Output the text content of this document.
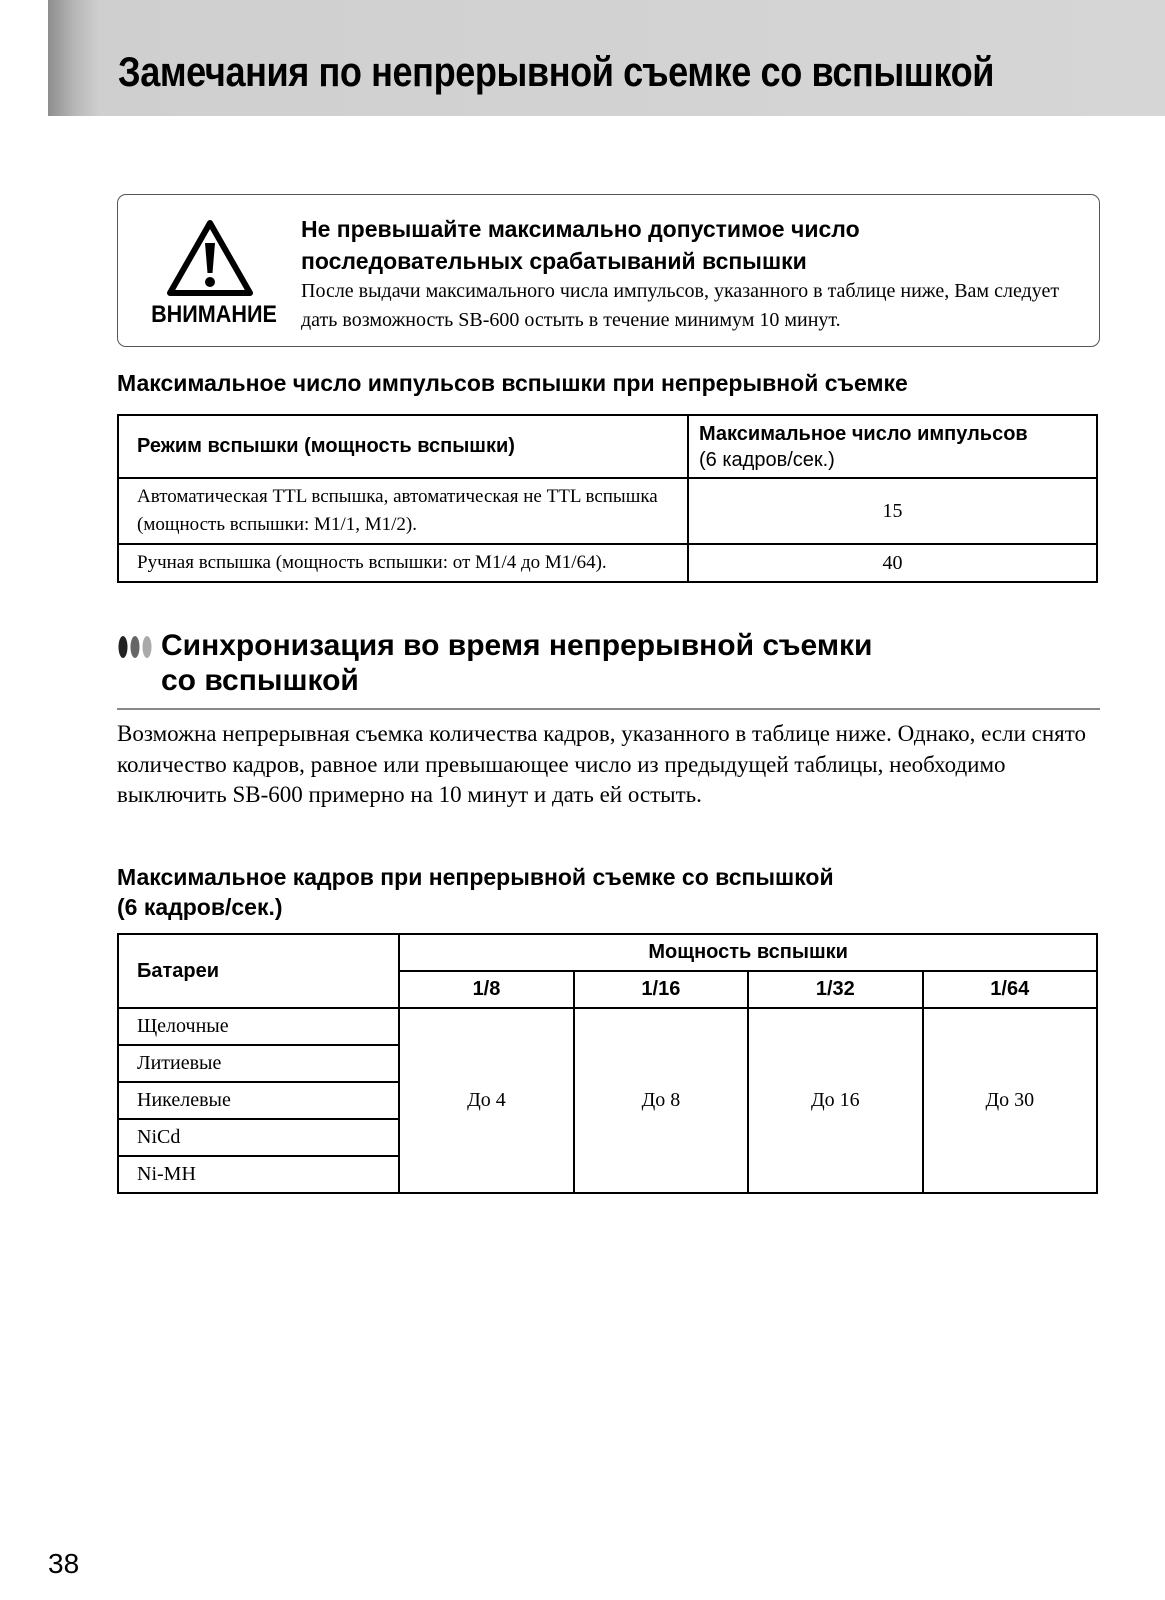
Замечания по непрерывной съемке со вспышкой
ВНИМАНИЕ
Не превышайте максимально допустимое число последовательных срабатываний вспышки
После выдачи максимального числа импульсов, указанного в таблице ниже, Вам следует дать возможность SB-600 остыть в течение минимум 10 минут.
Максимальное число импульсов вспышки при непрерывной съемке
Режим вспышки (мощность вспышки)	Максимальное число импульсов
(6 кадров/сек.)

Автоматическая TTL вспышка, автоматическая не TTL вспышка (мощность вспышки: M1/1, M1/2).	15
Ручная вспышка (мощность вспышки: от M1/4 до M1/64).	40
Синхронизация во время непрерывной съемки
со вспышкой

Возможна непрерывная съемка количества кадров, указанного в таблице ниже. Однако, если снято количество кадров, равное или превышающее число из предыдущей таблицы, необходимо выключить SB-600 примерно на 10 минут и дать ей остыть.

Максимальное кадров при непрерывной съемке со вспышкой
(6 кадров/сек.)
Батареи	Мощность вспышки			
	1/8	1/16	1/32	1/64
Щелочные	До 4	До 8	До 16	До 30
Литиевые				
Никелевые				
NiCd				
Ni-MH				
38
